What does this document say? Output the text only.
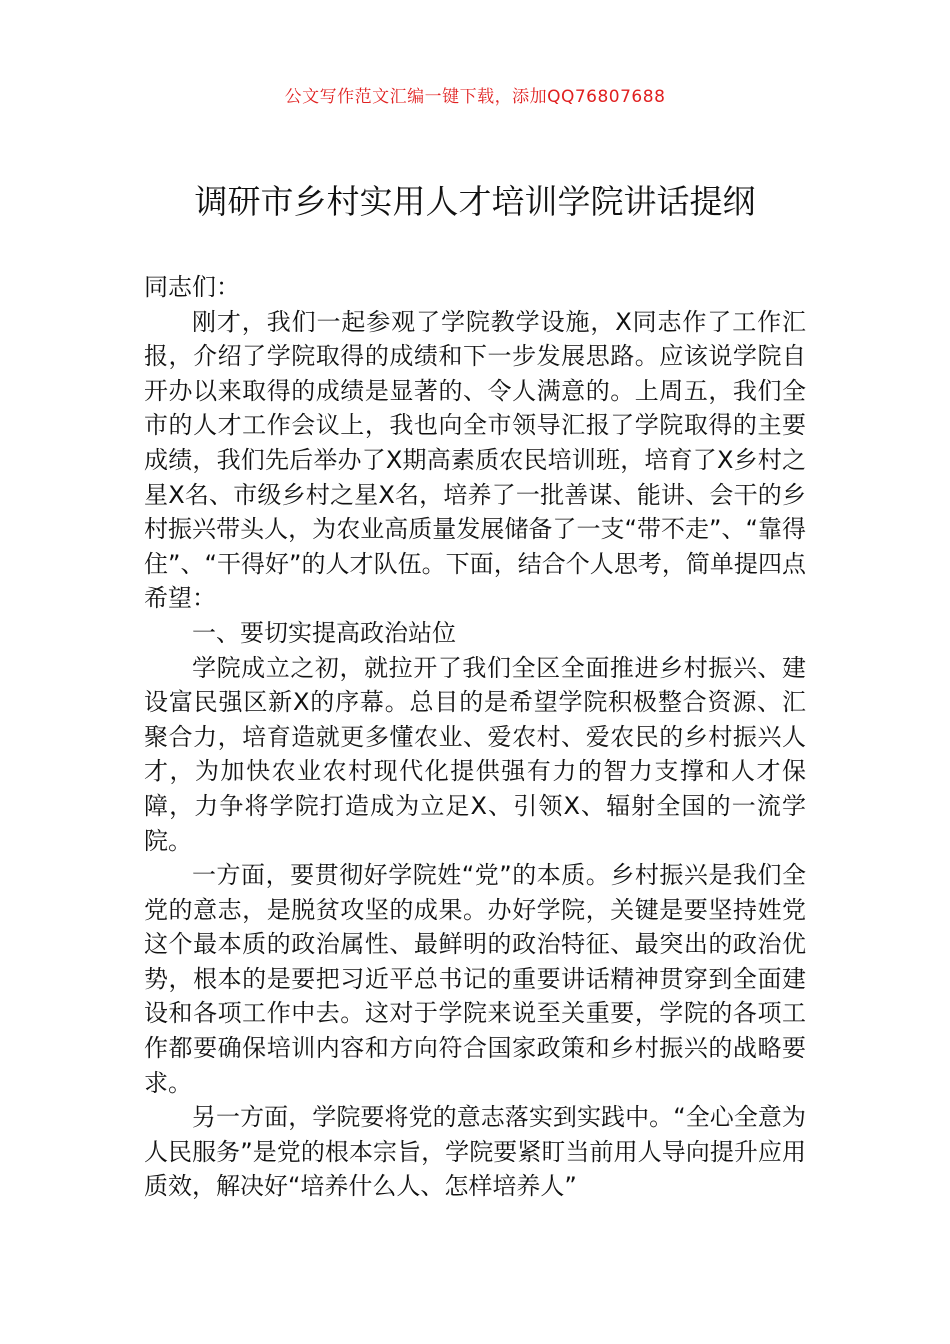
公文写作范文汇编一键下载，添加QQ76807688
调研市乡村实用人才培训学院讲话提纲

同志们：

刚才，我们一起参观了学院教学设施，X同志作了工作汇报，介绍了学院取得的成绩和下一步发展思路。应该说学院自开办以来取得的成绩是显著的、令人满意的。上周五，我们全市的人才工作会议上，我也向全市领导汇报了学院取得的主要成绩，我们先后举办了X期高素质农民培训班，培育了X乡村之星X名、市级乡村之星X名，培养了一批善谋、能讲、会干的乡村振兴带头人，为农业高质量发展储备了一支“带不走”、“靠得住”、“干得好”的人才队伍。下面，结合个人思考，简单提四点希望：

一、要切实提高政治站位

学院成立之初，就拉开了我们全区全面推进乡村振兴、建设富民强区新X的序幕。总目的是希望学院积极整合资源、汇聚合力，培育造就更多懂农业、爱农村、爱农民的乡村振兴人才，为加快农业农村现代化提供强有力的智力支撑和人才保障，力争将学院打造成为立足X、引领X、辐射全国的一流学院。

一方面，要贯彻好学院姓“党”的本质。乡村振兴是我们全党的意志，是脱贫攻坚的成果。办好学院，关键是要坚持姓党这个最本质的政治属性、最鲜明的政治特征、最突出的政治优势，根本的是要把习近平总书记的重要讲话精神贯穿到全面建设和各项工作中去。这对于学院来说至关重要，学院的各项工作都要确保培训内容和方向符合国家政策和乡村振兴的战略要求。

另一方面，学院要将党的意志落实到实践中。“全心全意为人民服务”是党的根本宗旨，学院要紧盯当前用人导向提升应用质效，解决好“培养什么人、怎样培养人”
